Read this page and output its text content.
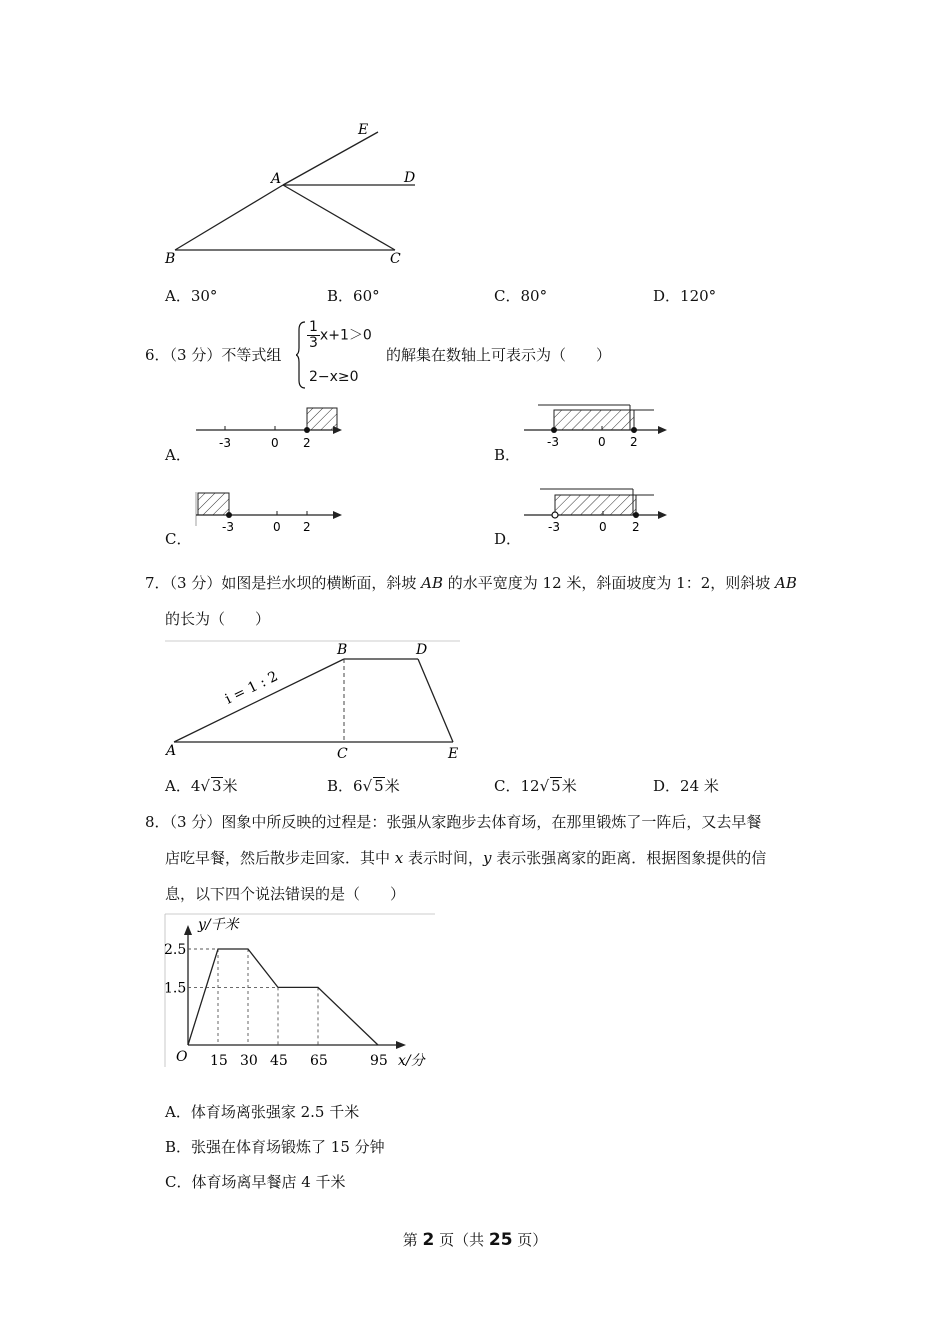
E
A	D
B	C
A．30°	B．60°	C．80°	D．120°
6．（3 分）不等式组
$\frac{1}{3} x+1>0$
2−x≥0
的解集在数轴上可表示为（　　）
A．
-3	0 2
B．
-3	0 2
C．
-3	0 2
D．
-3	0 2
7．（3 分）如图是拦水坝的横断面，斜坡 AB 的水平宽度为 12 米，斜面坡度为 1：2，则斜坡 AB
的长为（　　）
i = 1 : 2
A
B
C
D
E
A．4√ 3米	B．6√ 5米	C．12√ 5米	D．24 米
8．（3 分）图象中所反映的过程是：张强从家跑步去体育场，在那里锻炼了一阵后，又去早餐
店吃早餐，然后散步走回家．其中 x 表示时间，y 表示张强离家的距离．根据图象提供的信
息，以下四个说法错误的是（　　）
2.5
1.5
15 30 45 65	95
y/千米
x/分
O
A．体育场离张强家 2.5 千米
B．张强在体育场锻炼了 15 分钟
C．体育场离早餐店 4 千米
第 2 页（共 25 页）
